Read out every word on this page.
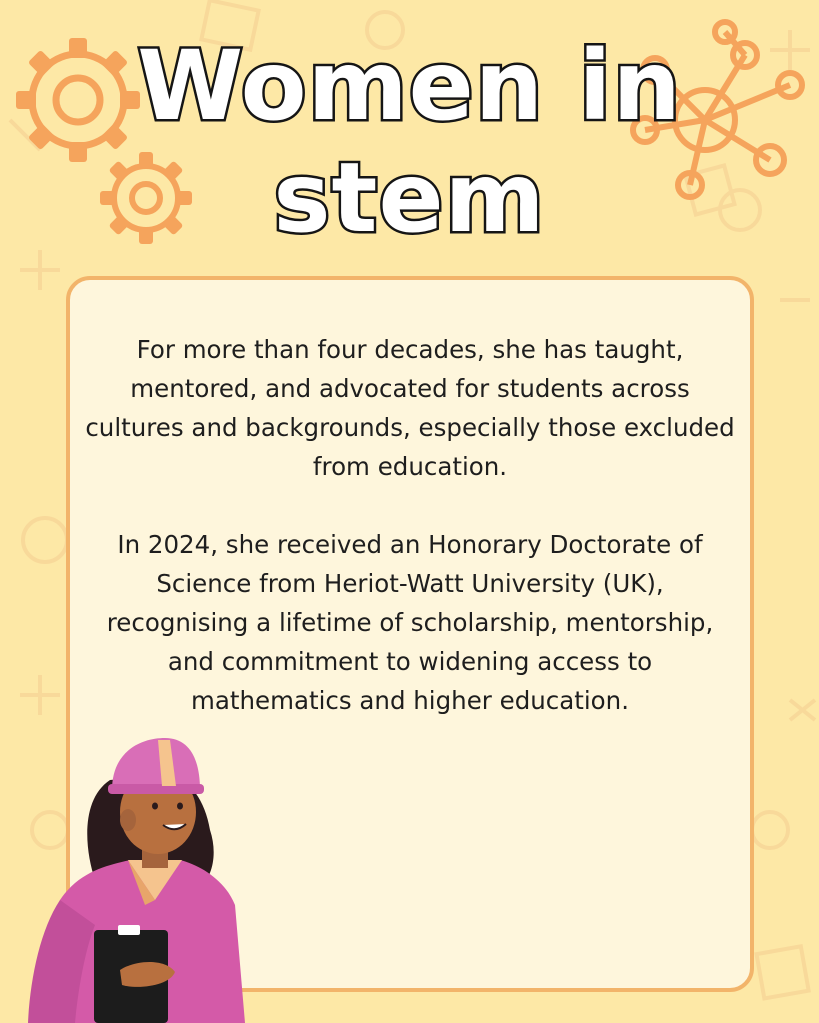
Women in
stem

For more than four decades, she has taught, mentored, and advocated for students across cultures and backgrounds, especially those excluded from education.

In 2024, she received an Honorary Doctorate of Science from Heriot-Watt University (UK), recognising a lifetime of scholarship, mentorship, and commitment to widening access to mathematics and higher education.
